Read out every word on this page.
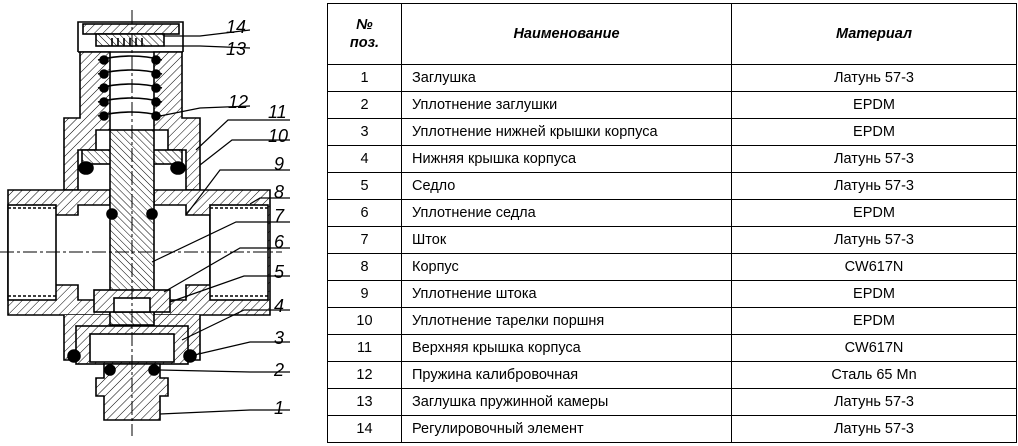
14
13
12 11
10
9
8
7
6
5
4
3
2
1
№
поз.	Наименование	Материал
1	Заглушка	Латунь 57-3
2	Уплотнение заглушки	EPDM
3	Уплотнение нижней крышки корпуса	EPDM
4	Нижняя крышка корпуса	Латунь 57-3
5	Седло	Латунь 57-3
6	Уплотнение седла	EPDM
7	Шток	Латунь 57-3
8	Корпус	CW617N
9	Уплотнение штока	EPDM
10	Уплотнение тарелки поршня	EPDM
11	Верхняя крышка корпуса	CW617N
12	Пружина калибровочная	Сталь 65 Mn
13	Заглушка пружинной камеры	Латунь 57-3
14	Регулировочный элемент	Латунь 57-3
